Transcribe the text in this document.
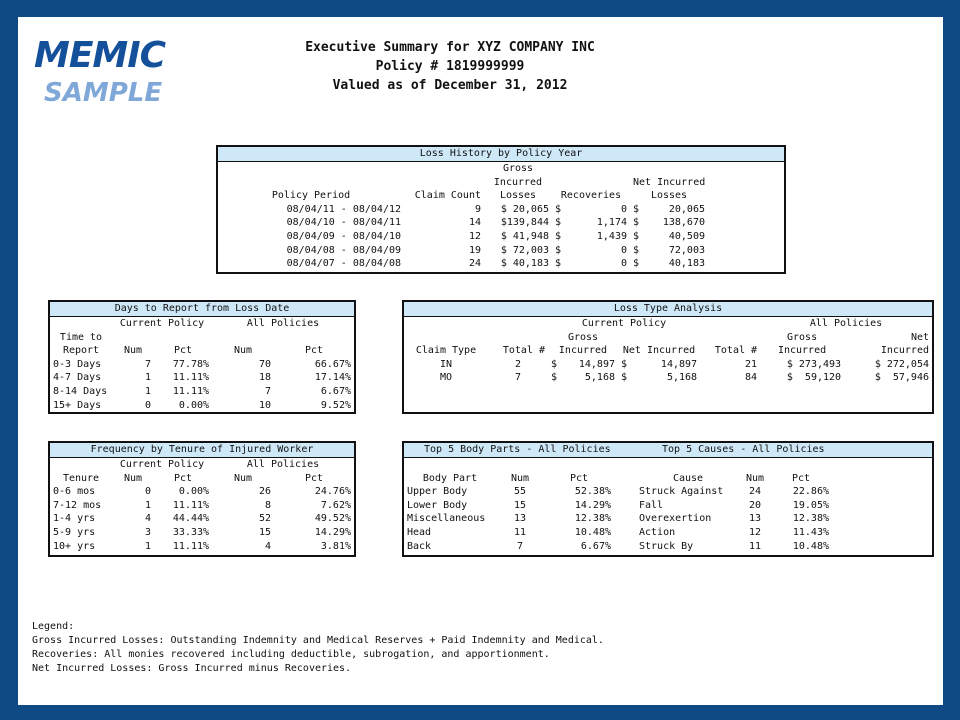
MEMIC
SAMPLE
Executive Summary for XYZ COMPANY INC
Policy # 1819999999
Valued as of December 31, 2012
Loss History by Policy Year
		Gross					
		Incurred			Net Incurred		
Policy Period	Claim Count	Losses	Recoveries		Losses		
08/04/11 - 08/04/12	9	$ 20,065	$	0	$	20,065	
08/04/10 - 08/04/11	14	$139,844	$	1,174	$	138,670	
08/04/09 - 08/04/10	12	$ 41,948	$	1,439	$	40,509	
08/04/08 - 08/04/09	19	$ 72,003	$	0	$	72,003	
08/04/07 - 08/04/08	24	$ 40,183	$	0	$	40,183	
Days to Report from Loss Date
	Current Policy		All Policies	
Time to				
Report	Num	Pct	Num	Pct
0-3 Days	7	77.78%	70	66.67%
4-7 Days	1	11.11%	18	17.14%
8-14 Days	1	11.11%	7	6.67%
15+ Days	0	0.00%	10	9.52%
Loss Type Analysis
		Current Policy					All Policies	
		Gross					Gross	Net
Claim Type	Total #	Incurred		Net Incurred		Total #	Incurred	Incurred
IN	2	$	14,897	$	14,897	21	$ 273,493	$ 272,054
MO	7	$	5,168	$	5,168	84	$  59,120	$  57,946
Frequency by Tenure of Injured Worker
	Current Policy		All Policies	
Tenure	Num	Pct	Num	Pct
0-6 mos	0	0.00%	26	24.76%
7-12 mos	1	11.11%	8	7.62%
1-4 yrs	4	44.44%	52	49.52%
5-9 yrs	3	33.33%	15	14.29%
10+ yrs	1	11.11%	4	3.81%
Top 5 Body Parts - All Policies	Top 5 Causes - All Policies

Body Part	Num	Pct		Cause	Num	Pct	
Upper Body	55	52.38%		Struck Against	24	22.86%	
Lower Body	15	14.29%		Fall	20	19.05%	
Miscellaneous	13	12.38%		Overexertion	13	12.38%	
Head	11	10.48%		Action	12	11.43%	
Back	7	6.67%		Struck By	11	10.48%	
Legend:
Gross Incurred Losses: Outstanding Indemnity and Medical Reserves + Paid Indemnity and Medical.
Recoveries: All monies recovered including deductible, subrogation, and apportionment.
Net Incurred Losses: Gross Incurred minus Recoveries.
